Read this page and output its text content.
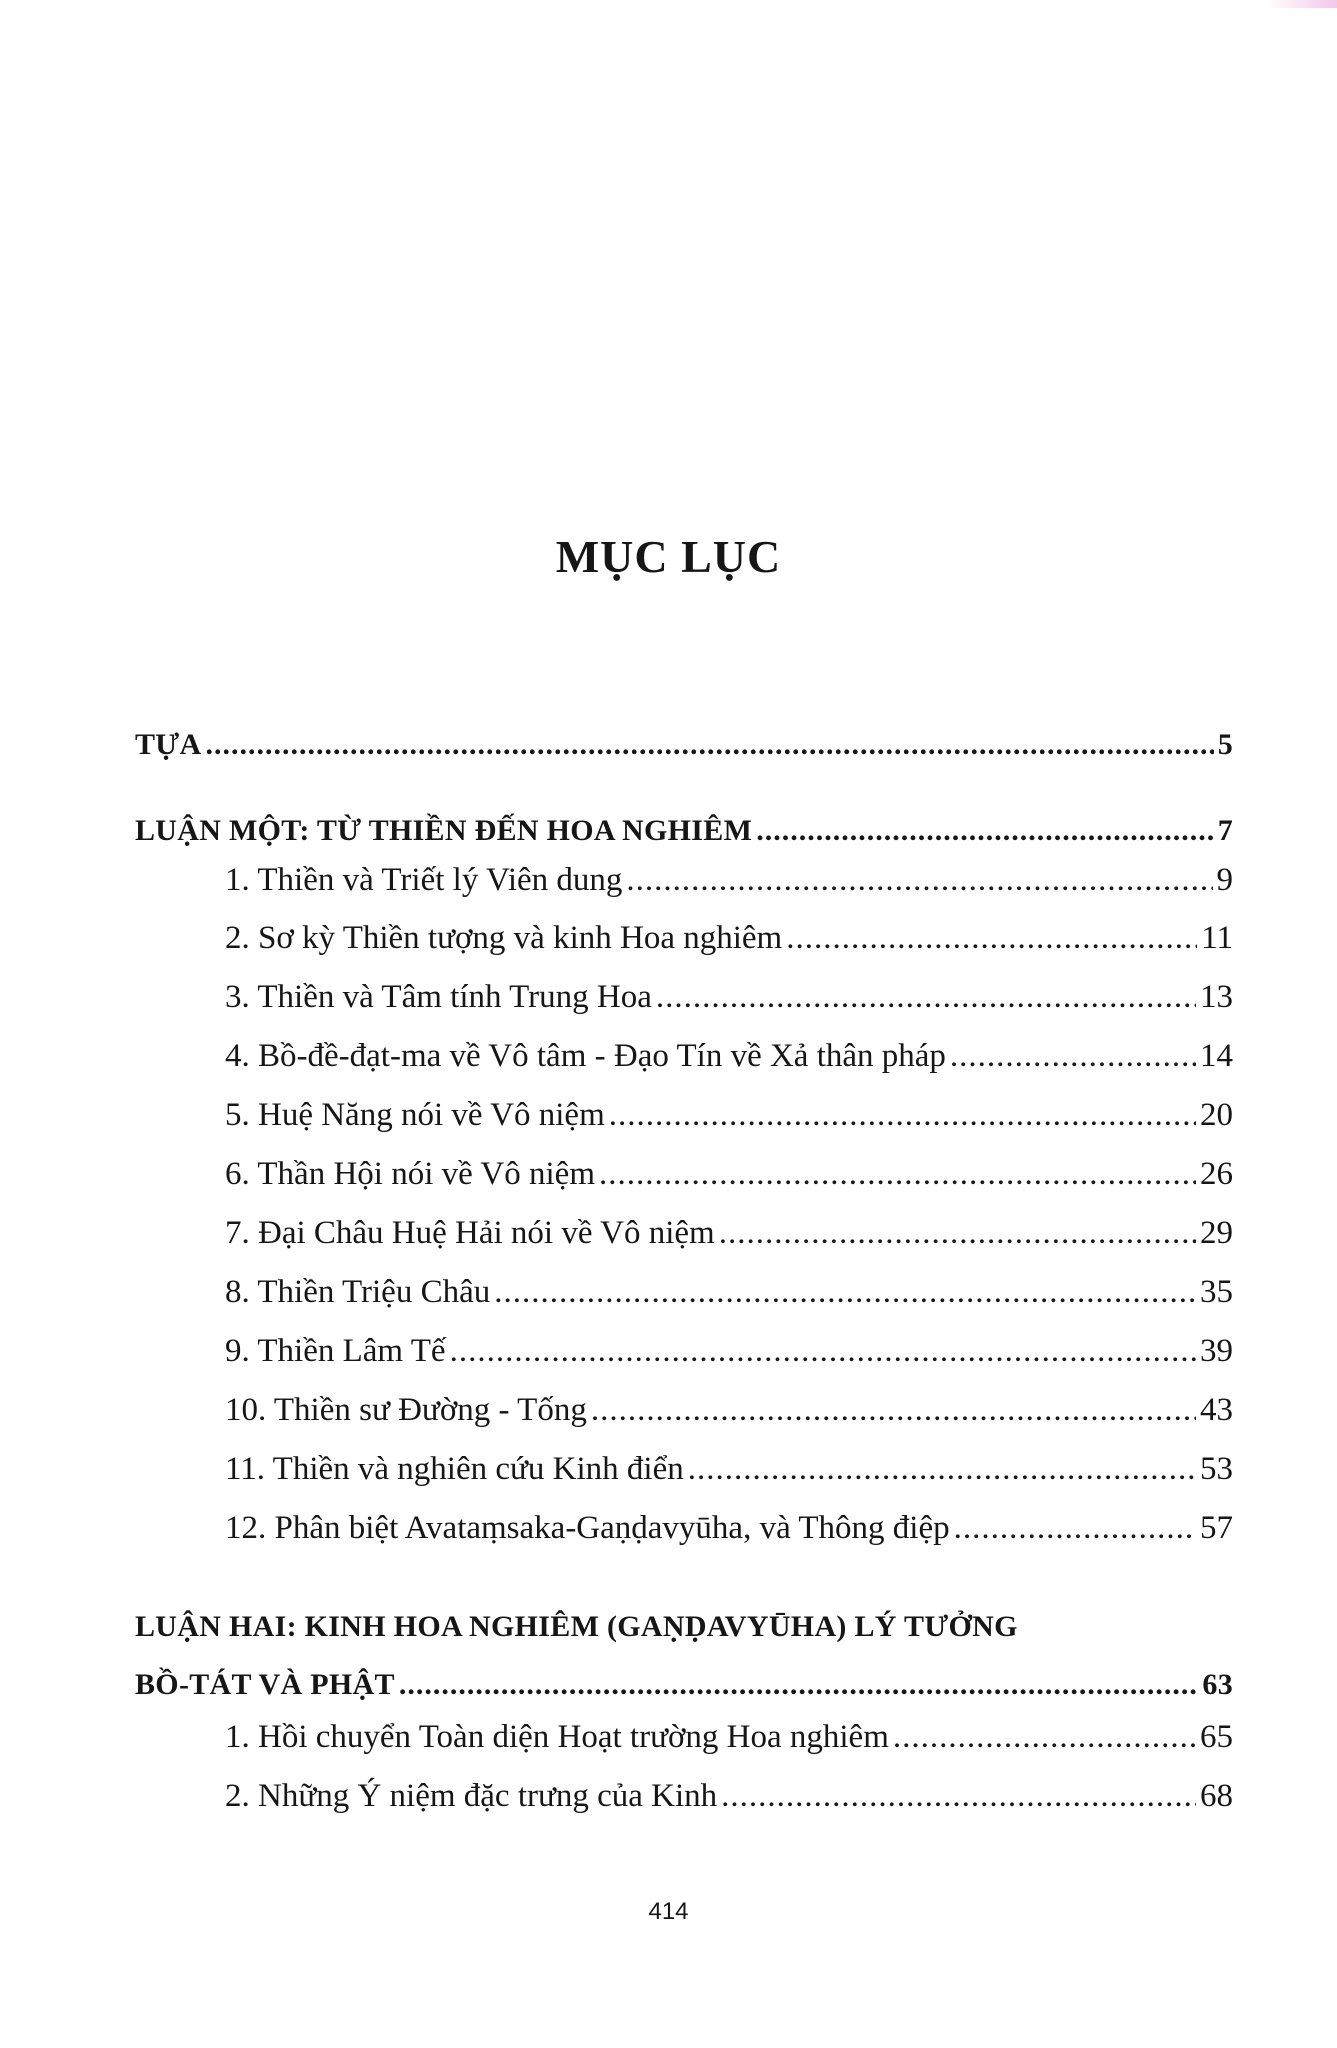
MỤC LỤC
TỰA .....	5
LUẬN MỘT: TỪ THIỀN ĐẾN HOA NGHIÊM .....	7
1. Thiền và Triết lý Viên dung .....	9
2. Sơ kỳ Thiền tượng và kinh Hoa nghiêm .....	11
3. Thiền và Tâm tính Trung Hoa .....	13
4. Bồ-đề-đạt-ma về Vô tâm - Đạo Tín về Xả thân pháp .....	14
5. Huệ Năng nói về Vô niệm .....	20
6. Thần Hội nói về Vô niệm .....	26
7. Đại Châu Huệ Hải nói về Vô niệm .....	29
8. Thiền Triệu Châu .....	35
9. Thiền Lâm Tế .....	39
10. Thiền sư Đường - Tống .....	43
11. Thiền và nghiên cứu Kinh điển .....	53
12. Phân biệt Avataṃsaka-Gaṇḍavyūha, và Thông điệp .....	57
LUẬN HAI: KINH HOA NGHIÊM (GAṆḌAVYŪHA) LÝ TƯỞNG
BỒ-TÁT VÀ PHẬT .....	63
1. Hồi chuyển Toàn diện Hoạt trường Hoa nghiêm .....	65
2. Những Ý niệm đặc trưng của Kinh .....	68
414
